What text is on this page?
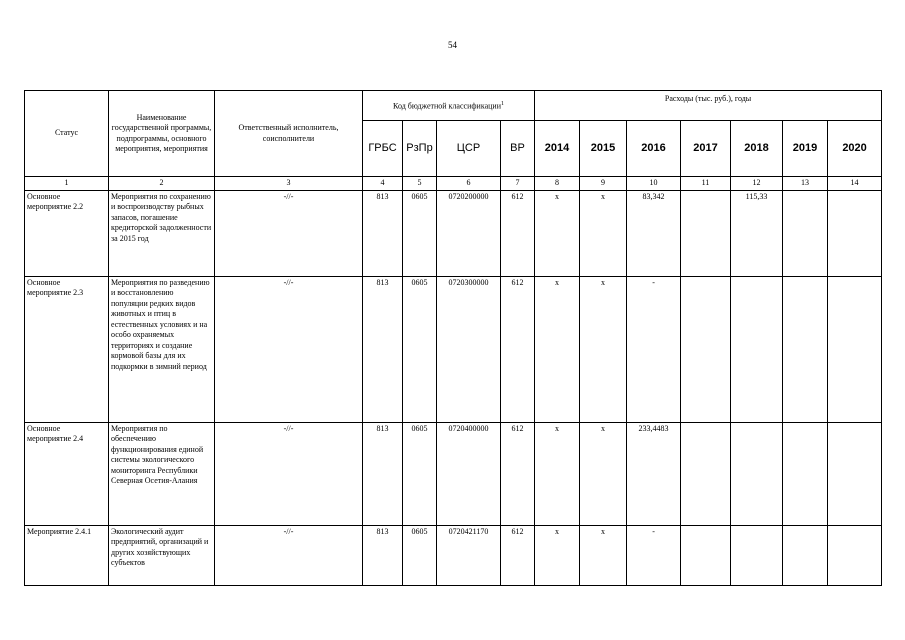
54
Статус	Наименование государственной программы, подпрограммы, основного мероприятия, мероприятия	Ответственный исполнитель, соисполнители	Код бюджетной классификации$^1$				Расходы (тыс. руб.), годы						
			ГРБС	РзПр	ЦСР	ВР	2014	2015	2016	2017	2018	2019	2020
1	2	3	4	5	6	7	8	9	10	11	12	13	14
Основное мероприятие 2.2	Мероприятия по сохранению и воспроизводству рыбных запасов, погашение кредиторской задолженности за 2015 год	-//-	813	0605	0720200000	612	x	x	83,342		115,33		
Основное мероприятие 2.3	Мероприятия по разведению и восстановлению популяции редких видов животных и птиц в естественных условиях и на особо охраняемых территориях и создание кормовой базы для их подкормки в зимний период	-//-	813	0605	0720300000	612	x	x	-				
Основное мероприятие 2.4	Мероприятия по обеспечению функционирования единой системы экологического мониторинга Республики Северная Осетия-Алания	-//-	813	0605	0720400000	612	x	x	233,4483				
Мероприятие 2.4.1	Экологический аудит предприятий, организаций и других хозяйствующих субъектов	-//-	813	0605	0720421170	612	x	x	-				
